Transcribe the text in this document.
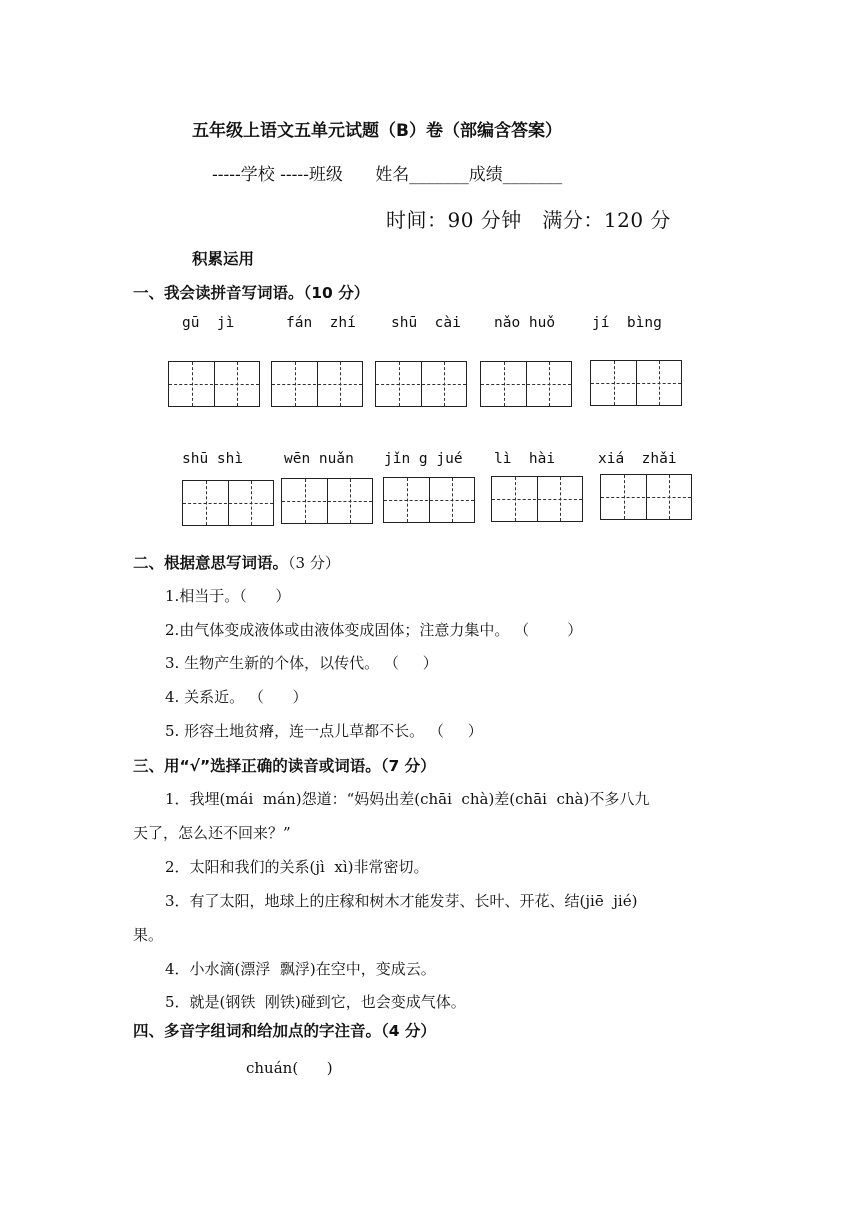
五年级上语文五单元试题（B）卷（部编含答案）
-----学校 -----班级      姓名_______成绩_______
时间：90 分钟   满分：120 分
积累运用
一、我会读拼音写词语。（10 分）
gū  jì	fán  zhí shū  cài nǎo huǒ	jí  bìng
shū shì	wēn nuǎn jǐn g jué lì  hài	xiá  zhǎi
二、根据意思写词语。（3 分）
1.相当于。（      ）
2.由气体变成液体或由液体变成固体；注意力集中。 （        ）
3. 生物产生新的个体，以传代。 （     ）
4. 关系近。 （      ）
5. 形容土地贫瘠，连一点儿草都不长。 （     ）
三、用“√”选择正确的读音或词语。（7 分）
1．我埋(mái  mán)怨道：“妈妈出差(chāi  chà)差(chāi  chà)不多八九
天了，怎么还不回来？”
2．太阳和我们的关系(jì  xì)非常密切。
3．有了太阳，地球上的庄稼和树木才能发芽、长叶、开花、结(jiē  jié)
果。
4．小水滴(漂浮  飘浮)在空中，变成云。
5．就是(钢铁  刚铁)碰到它，也会变成气体。
四、多音字组词和给加点的字注音。（4 分）
chuán(      )
